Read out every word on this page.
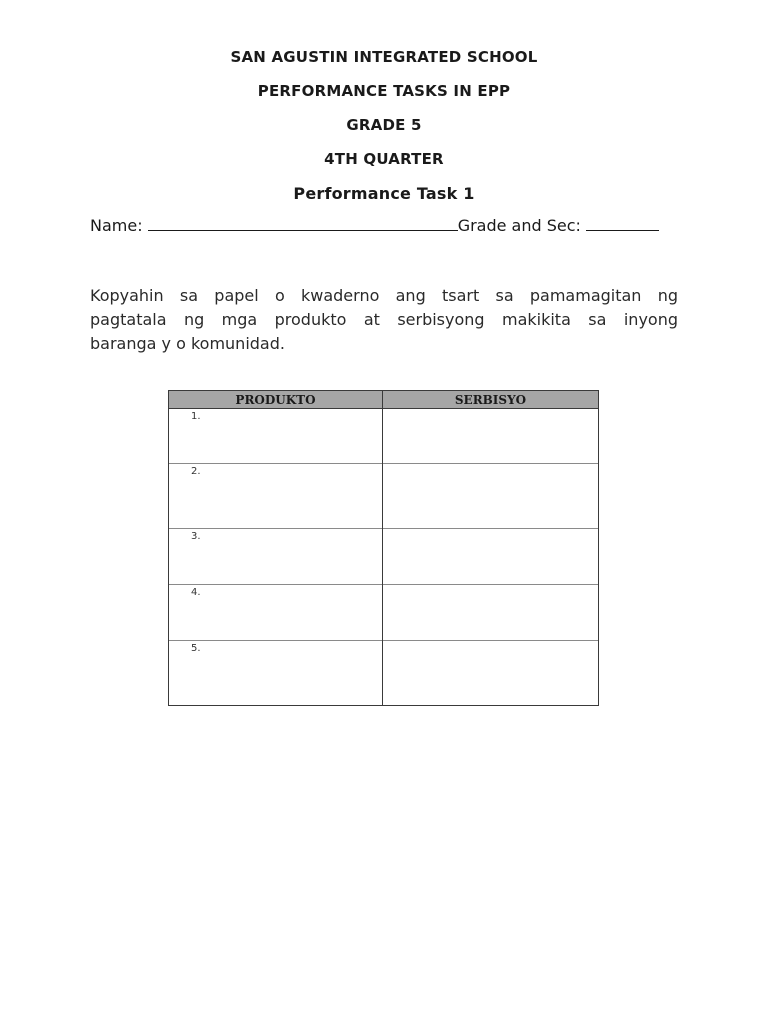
SAN AGUSTIN INTEGRATED SCHOOL
PERFORMANCE TASKS IN EPP
GRADE 5
4TH QUARTER
Performance Task 1
Name:	Grade and Sec:
Kopyahin sa papel o kwaderno ang tsart sa pamamagitan ng
pagtatala ng mga produkto at serbisyong makikita sa inyong
baranga y o komunidad.
PRODUKTO	SERBISYO
1.	
2.	
3.	
4.	
5.	
